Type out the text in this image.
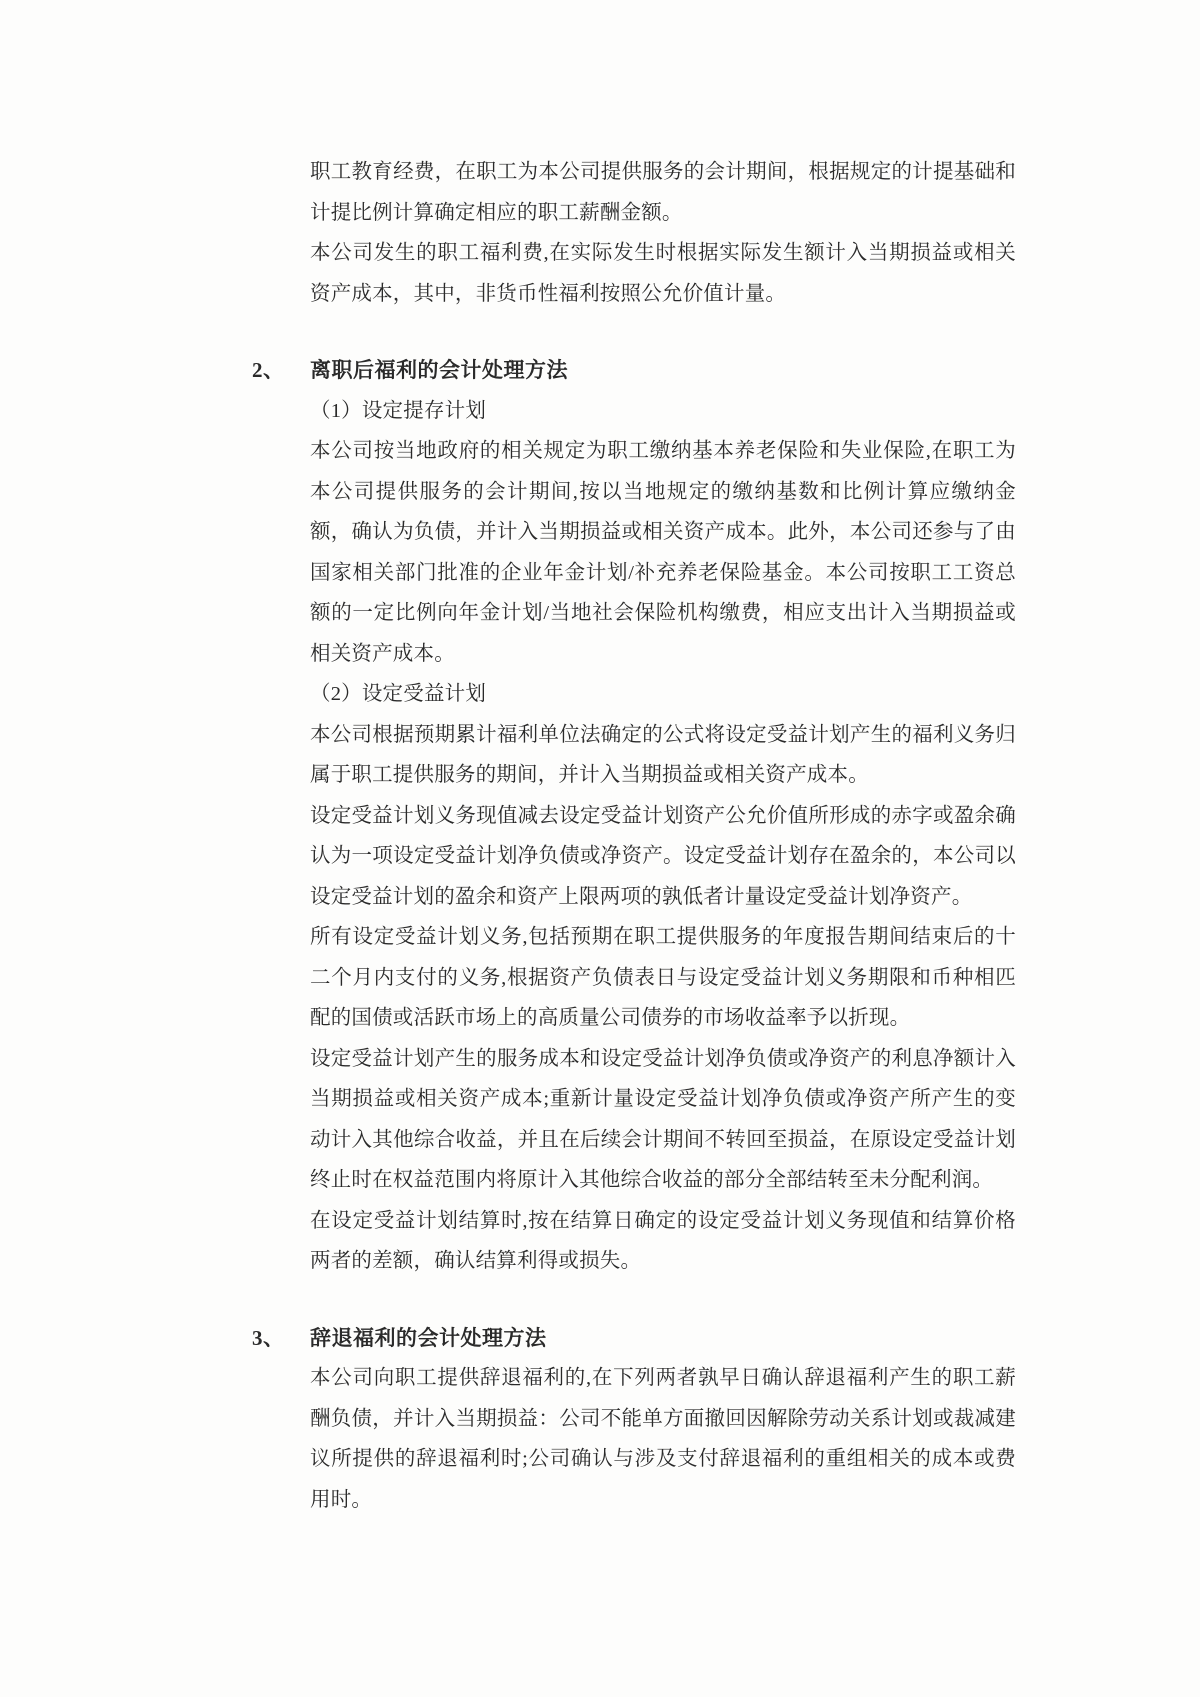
职工教育经费，在职工为本公司提供服务的会计期间，根据规定的计提基础和计提比例计算确定相应的职工薪酬金额。

本公司发生的职工福利费,在实际发生时根据实际发生额计入当期损益或相关资产成本，其中，非货币性福利按照公允价值计量。

2、 离职后福利的会计处理方法

（1）设定提存计划

本公司按当地政府的相关规定为职工缴纳基本养老保险和失业保险,在职工为本公司提供服务的会计期间,按以当地规定的缴纳基数和比例计算应缴纳金额，确认为负债，并计入当期损益或相关资产成本。此外，本公司还参与了由国家相关部门批准的企业年金计划/补充养老保险基金。本公司按职工工资总额的一定比例向年金计划/当地社会保险机构缴费，相应支出计入当期损益或相关资产成本。

（2）设定受益计划

本公司根据预期累计福利单位法确定的公式将设定受益计划产生的福利义务归属于职工提供服务的期间，并计入当期损益或相关资产成本。

设定受益计划义务现值减去设定受益计划资产公允价值所形成的赤字或盈余确认为一项设定受益计划净负债或净资产。设定受益计划存在盈余的，本公司以设定受益计划的盈余和资产上限两项的孰低者计量设定受益计划净资产。

所有设定受益计划义务,包括预期在职工提供服务的年度报告期间结束后的十二个月内支付的义务,根据资产负债表日与设定受益计划义务期限和币种相匹配的国债或活跃市场上的高质量公司债券的市场收益率予以折现。

设定受益计划产生的服务成本和设定受益计划净负债或净资产的利息净额计入当期损益或相关资产成本;重新计量设定受益计划净负债或净资产所产生的变动计入其他综合收益，并且在后续会计期间不转回至损益，在原设定受益计划终止时在权益范围内将原计入其他综合收益的部分全部结转至未分配利润。

在设定受益计划结算时,按在结算日确定的设定受益计划义务现值和结算价格两者的差额，确认结算利得或损失。

3、 辞退福利的会计处理方法

本公司向职工提供辞退福利的,在下列两者孰早日确认辞退福利产生的职工薪酬负债，并计入当期损益：公司不能单方面撤回因解除劳动关系计划或裁减建议所提供的辞退福利时;公司确认与涉及支付辞退福利的重组相关的成本或费用时。
